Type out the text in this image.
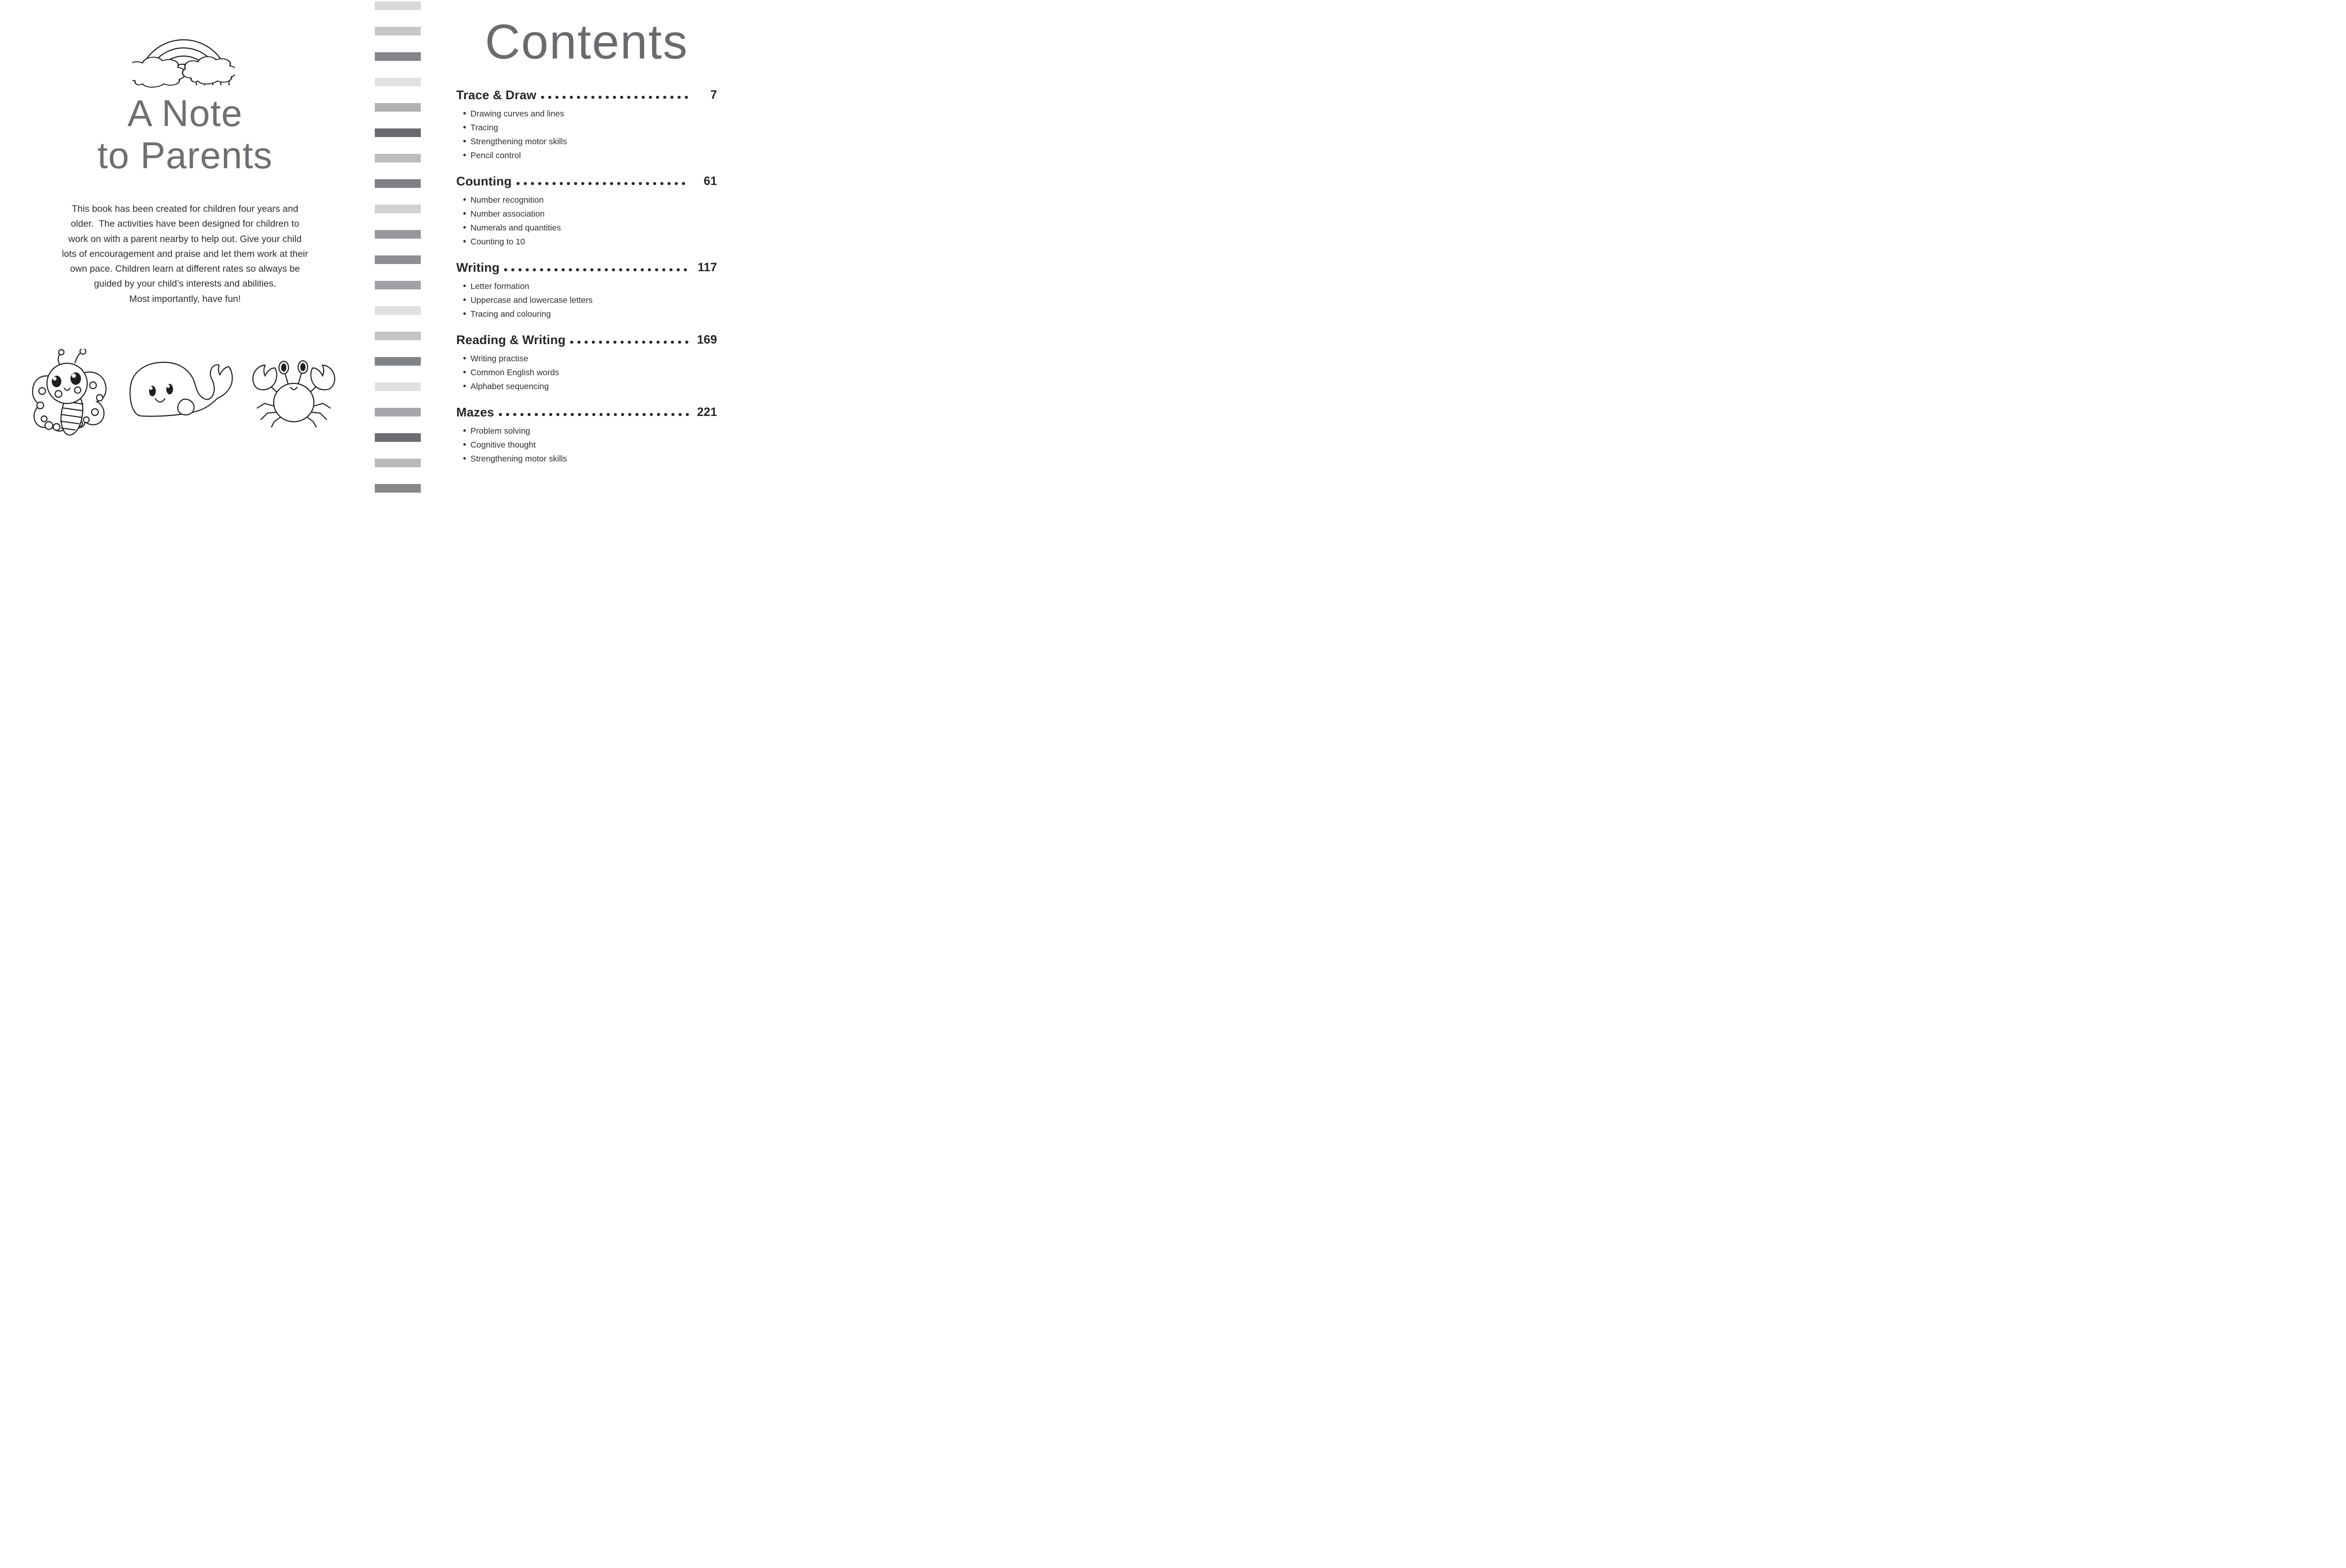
A Note
to Parents
This book has been created for children four years and
older.  The activities have been designed for children to
work on with a parent nearby to help out. Give your child
lots of encouragement and praise and let them work at their
own pace. Children learn at different rates so always be
guided by your child’s interests and abilities.
Most importantly, have fun!
Contents
Trace & Draw	7
• Drawing curves and lines
• Tracing
• Strengthening motor skills
• Pencil control
Counting	61
• Number recognition
• Number association
• Numerals and quantities
• Counting to 10
Writing	117
• Letter formation
• Uppercase and lowercase letters
• Tracing and colouring
Reading & Writing	169
• Writing practise
• Common English words
• Alphabet sequencing
Mazes	221
• Problem solving
• Cognitive thought
• Strengthening motor skills
